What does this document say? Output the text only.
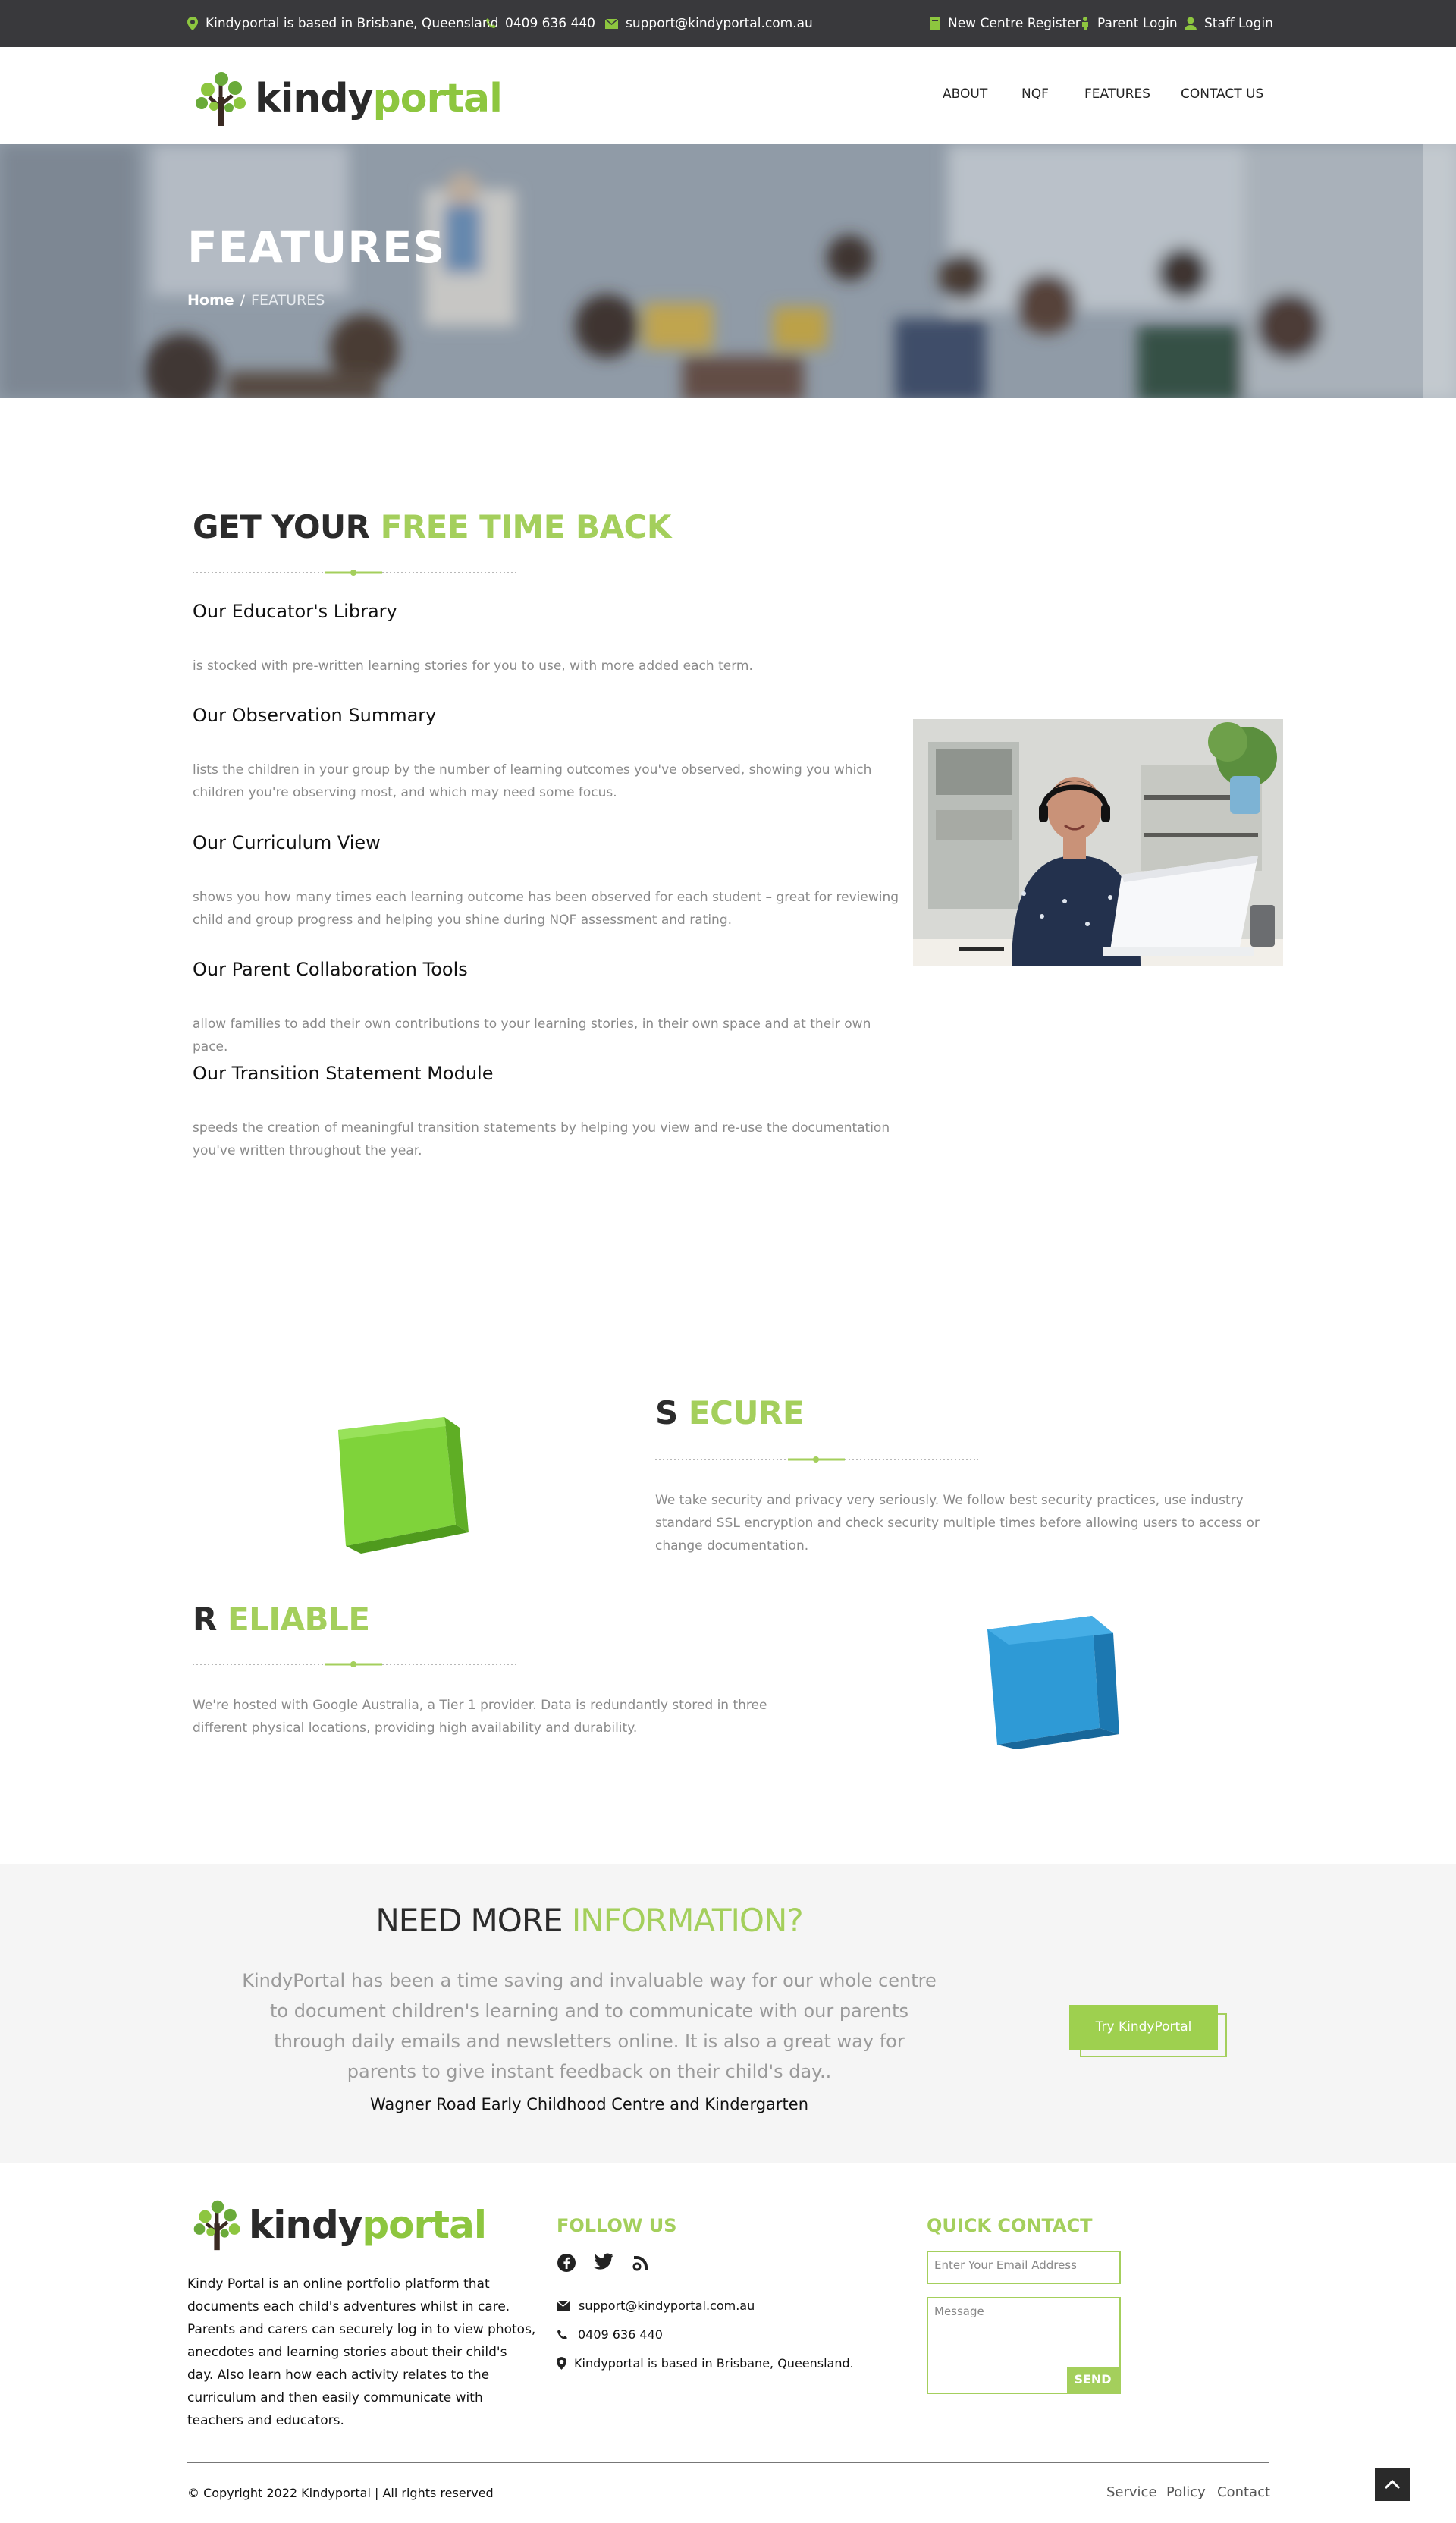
Kindyportal is based in Brisbane, Queensland 0409 636 440 support@kindyportal.com.au	New Centre Register Parent Login Staff Login
kindyportal	ABOUT	NQF	FEATURES CONTACT US
FEATURES
Home / FEATURES
GET YOUR FREE TIME BACK
Our Educator's Library
is stocked with pre-written learning stories for you to use, with more added each term.
Our Observation Summary
lists the children in your group by the number of learning outcomes you've observed, showing you which children you're observing most, and which may need some focus.
Our Curriculum View
shows you how many times each learning outcome has been observed for each student – great for reviewing child and group progress and helping you shine during NQF assessment and rating.
Our Parent Collaboration Tools
allow families to add their own contributions to your learning stories, in their own space and at their own pace.
Our Transition Statement Module
speeds the creation of meaningful transition statements by helping you view and re-use the documentation you've written throughout the year.
S ECURE
We take security and privacy very seriously. We follow best security practices, use industry standard SSL encryption and check security multiple times before allowing users to access or change documentation.
R ELIABLE
We're hosted with Google Australia, a Tier 1 provider. Data is redundantly stored in three different physical locations, providing high availability and durability.
NEED MORE INFORMATION?
KindyPortal has been a time saving and invaluable way for our whole centre to document children's learning and to communicate with our parents through daily emails and newsletters online. It is also a great way for parents to give instant feedback on their child's day..
Wagner Road Early Childhood Centre and Kindergarten
Try KindyPortal
kindyportal
Kindy Portal is an online portfolio platform that documents each child's adventures whilst in care. Parents and carers can securely log in to view photos, anecdotes and learning stories about their child's day. Also learn how each activity relates to the curriculum and then easily communicate with teachers and educators.
FOLLOW US
support@kindyportal.com.au
0409 636 440
Kindyportal is based in Brisbane, Queensland.
QUICK CONTACT
Enter Your Email Address
Message
SEND
© Copyright 2022 Kindyportal | All rights reserved	Service Policy Contact
